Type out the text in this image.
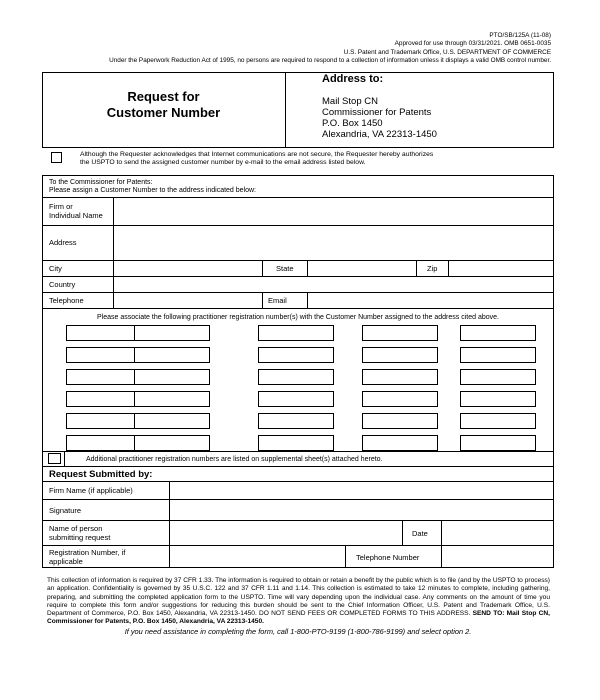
PTO/SB/125A (11-08)
Approved for use through 03/31/2021. OMB 0651-0035
U.S. Patent and Trademark Office, U.S. DEPARTMENT OF COMMERCE
Under the Paperwork Reduction Act of 1995, no persons are required to respond to a collection of information unless it displays a valid OMB control number.
Request for
Customer Number
Address to:
Mail Stop CN
Commissioner for Patents
P.O. Box 1450
Alexandria, VA 22313-1450
Although the Requester acknowledges that Internet communications are not secure, the Requester hereby authorizes
the USPTO to send the assigned customer number by e-mail to the email address listed below.
To the Commissioner for Patents:
Please assign a Customer Number to the address indicated below:
Firm or
Individual Name
Address
City	State	Zip
Country
Telephone	Email
Please associate the following practitioner registration number(s) with the Customer Number assigned to the address cited above.
Additional practitioner registration numbers are listed on supplemental sheet(s) attached hereto.
Request Submitted by:
Firm Name (if applicable)
Signature
Name of person
submitting request	Date
Registration Number, if
applicable	Telephone Number
This collection of information is required by 37 CFR 1.33. The information is required to obtain or retain a benefit by the public which is to file (and by the USPTO to process) an application. Confidentiality is governed by 35 U.S.C. 122 and 37 CFR 1.11 and 1.14. This collection is estimated to take 12 minutes to complete, including gathering, preparing, and submitting the completed application form to the USPTO. Time will vary depending upon the individual case. Any comments on the amount of time you require to complete this form and/or suggestions for reducing this burden should be sent to the Chief Information Officer, U.S. Patent and Trademark Office, U.S. Department of Commerce, P.O. Box 1450, Alexandria, VA 22313-1450. DO NOT SEND FEES OR COMPLETED FORMS TO THIS ADDRESS. SEND TO: Mail Stop CN, Commissioner for Patents, P.O. Box 1450, Alexandria, VA 22313-1450.
If you need assistance in completing the form, call 1-800-PTO-9199 (1-800-786-9199) and select option 2.
